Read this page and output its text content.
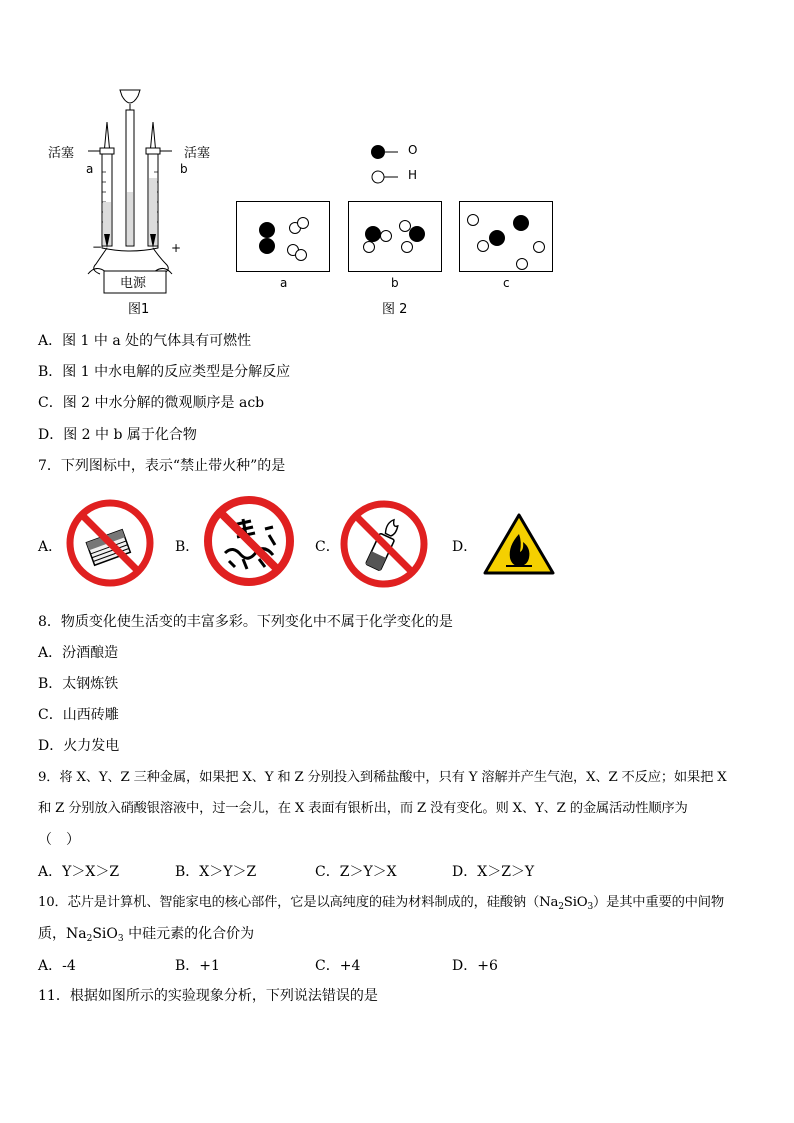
活塞	活塞
a	b
−	+
电源
图1
O
H
a	b	c
图 2
A．图 1 中 a 处的气体具有可燃性
B．图 1 中水电解的反应类型是分解反应
C．图 2 中水分解的微观顺序是 acb
D．图 2 中 b 属于化合物
7．下列图标中，表示“禁止带火种”的是
A．	B．	C．	D．
8．物质变化使生活变的丰富多彩。下列变化中不属于化学变化的是
A．汾酒酿造
B．太钢炼铁
C．山西砖雕
D．火力发电
9．将 X、Y、Z 三种金属，如果把 X、Y 和 Z 分别投入到稀盐酸中，只有 Y 溶解并产生气泡，X、Z 不反应；如果把 X
和 Z 分别放入硝酸银溶液中，过一会儿，在 X 表面有银析出，而 Z 没有变化。则 X、Y、Z 的金属活动性顺序为
（　）
A．Y＞X＞Z	B．X＞Y＞Z	C．Z＞Y＞X	D．X＞Z＞Y
10．芯片是计算机、智能家电的核心部件，它是以高纯度的硅为材料制成的，硅酸钠$(Na_2SiO_3)$是其中重要的中间物
质，$Na_2SiO_3$ 中硅元素的化合价为
A．-4	B．+1	C．+4	D．+6
11．根据如图所示的实验现象分析，下列说法错误的是
